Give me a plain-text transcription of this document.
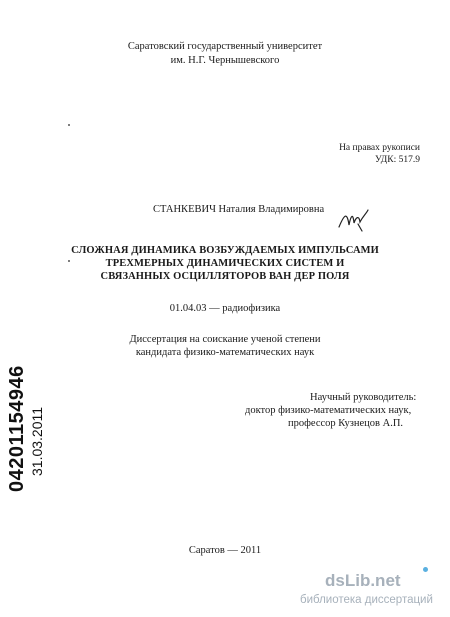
Саратовский государственный университет
им. Н.Г. Чернышевского
На правах рукописи
УДК: 517.9
СТАНКЕВИЧ Наталия Владимировна
СЛОЖНАЯ ДИНАМИКА ВОЗБУЖДАЕМЫХ ИМПУЛЬСАМИ
ТРЕХМЕРНЫХ ДИНАМИЧЕСКИХ СИСТЕМ И
СВЯЗАННЫХ ОСЦИЛЛЯТОРОВ ВАН ДЕР ПОЛЯ
01.04.03 — радиофизика
Диссертация на соискание ученой степени
кандидата физико-математических наук
Научный руководитель:
доктор физико-математических наук,
профессор Кузнецов А.П.
Саратов — 2011
04201154946 31.03.2011
dsLib.net
библиотека диссертаций
